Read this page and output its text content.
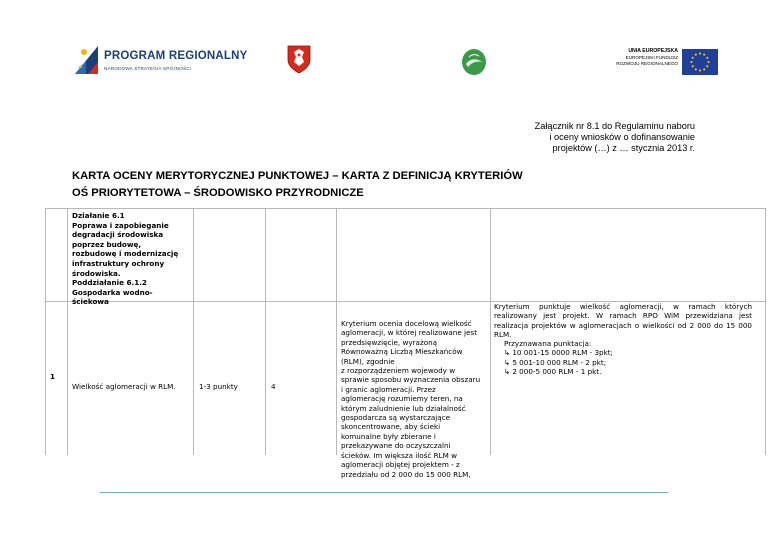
PROGRAM REGIONALNY
NARODOWA STRATEGIA SPÓJNOŚCI
UNIA EUROPEJSKA
EUROPEJSKI FUNDUSZ
ROZWOJU REGIONALNEGO
Załącznik nr 8.1 do Regulaminu naboru
i oceny wniosków o dofinansowanie
projektów (…) z … stycznia 2013 r.
KARTA OCENY MERYTORYCZNEJ PUNKTOWEJ – KARTA Z DEFINICJĄ KRYTERIÓW
OŚ PRIORYTETOWA – ŚRODOWISKO PRZYRODNICZE
Działanie 6.1
Poprawa i zapobieganie
degradacji środowiska
poprzez budowę,
rozbudowę i modernizację
infrastruktury ochrony
środowiska.
Poddziałanie 6.1.2
Gospodarka wodno-
ściekowa
1
Wielkość aglomeracji w RLM.	1-3 punkty	4
Kryterium ocenia docelową wielkość
aglomeracji, w której realizowane jest
przedsięwzięcie, wyrażoną
Równoważną Liczbą Mieszkańców
(RLM), zgodnie
z rozporządzeniem wojewody w
sprawie sposobu wyznaczenia obszaru
i granic aglomeracji. Przez
aglomerację rozumiemy teren, na
którym zaludnienie lub działalność
gospodarcza są wystarczające
skoncentrowane, aby ścieki
komunalne były zbierane i
przekazywane do oczyszczalni
ścieków. Im większa ilość RLM w
aglomeracji objętej projektem - z
przedziału od 2 000 do 15 000 RLM,
Kryterium punktuje wielkość aglomeracji, w ramach których realizowany jest projekt. W ramach RPO WiM przewidziana jest realizacja projektów w aglomeracjach o wielkości od 2 000 do 15 000 RLM.
Przyznawana punktacja:
↳ 10 001-15 0000 RLM - 3pkt;
↳ 5 001-10 000 RLM - 2 pkt;
↳ 2 000-5 000 RLM - 1 pkt.
